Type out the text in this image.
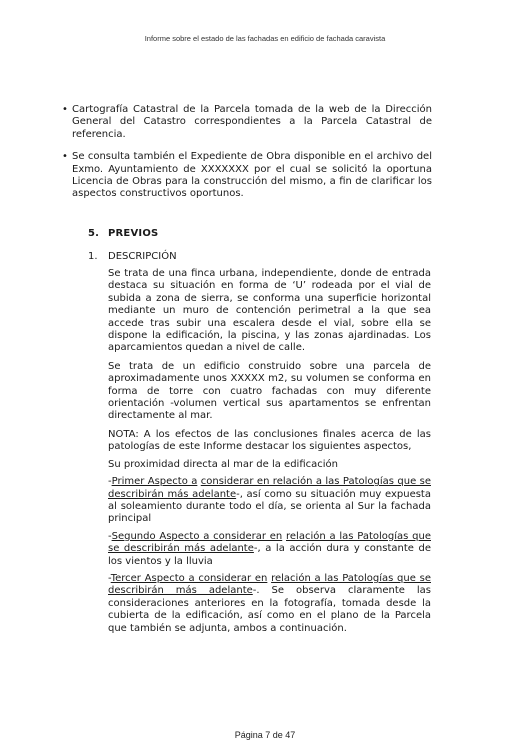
Informe sobre el estado de las fachadas en edificio de fachada caravista
• Cartografía Catastral de la Parcela tomada de la web de la Dirección General del Catastro correspondientes a la Parcela Catastral de referencia.
• Se consulta también el Expediente de Obra disponible en el archivo del Exmo. Ayuntamiento de XXXXXXX por el cual se solicitó la oportuna Licencia de Obras para la construcción del mismo, a fin de clarificar los aspectos constructivos oportunos.
5. PREVIOS
1. DESCRIPCIÓN

Se trata de una finca urbana, independiente, donde de entrada destaca su situación en forma de ‘U’ rodeada por el vial de subida a zona de sierra, se conforma una superficie horizontal mediante un muro de contención perimetral a la que sea accede tras subir una escalera desde el vial, sobre ella se dispone la edificación, la piscina, y las zonas ajardinadas. Los aparcamientos quedan a nivel de calle.

Se trata de un edificio construido sobre una parcela de aproximadamente unos XXXXX m2, su volumen se conforma en forma de torre con cuatro fachadas con muy diferente orientación -volumen vertical sus apartamentos se enfrentan directamente al mar.

NOTA: A los efectos de las conclusiones finales acerca de las patologías de este Informe destacar los siguientes aspectos,

Su proximidad directa al mar de la edificación

-Primer Aspecto a considerar en relación a las Patologías que se describirán más adelante-, así como su situación muy expuesta al soleamiento durante todo el día, se orienta al Sur la fachada principal

-Segundo Aspecto a considerar en relación a las Patologías que se describirán más adelante-, a la acción dura y constante de los vientos y la lluvia

-Tercer Aspecto a considerar en relación a las Patologías que se describirán más adelante-. Se observa claramente las consideraciones anteriores en la fotografía, tomada desde la cubierta de la edificación, así como en el plano de la Parcela que también se adjunta, ambos a continuación.

Página 7 de 47
